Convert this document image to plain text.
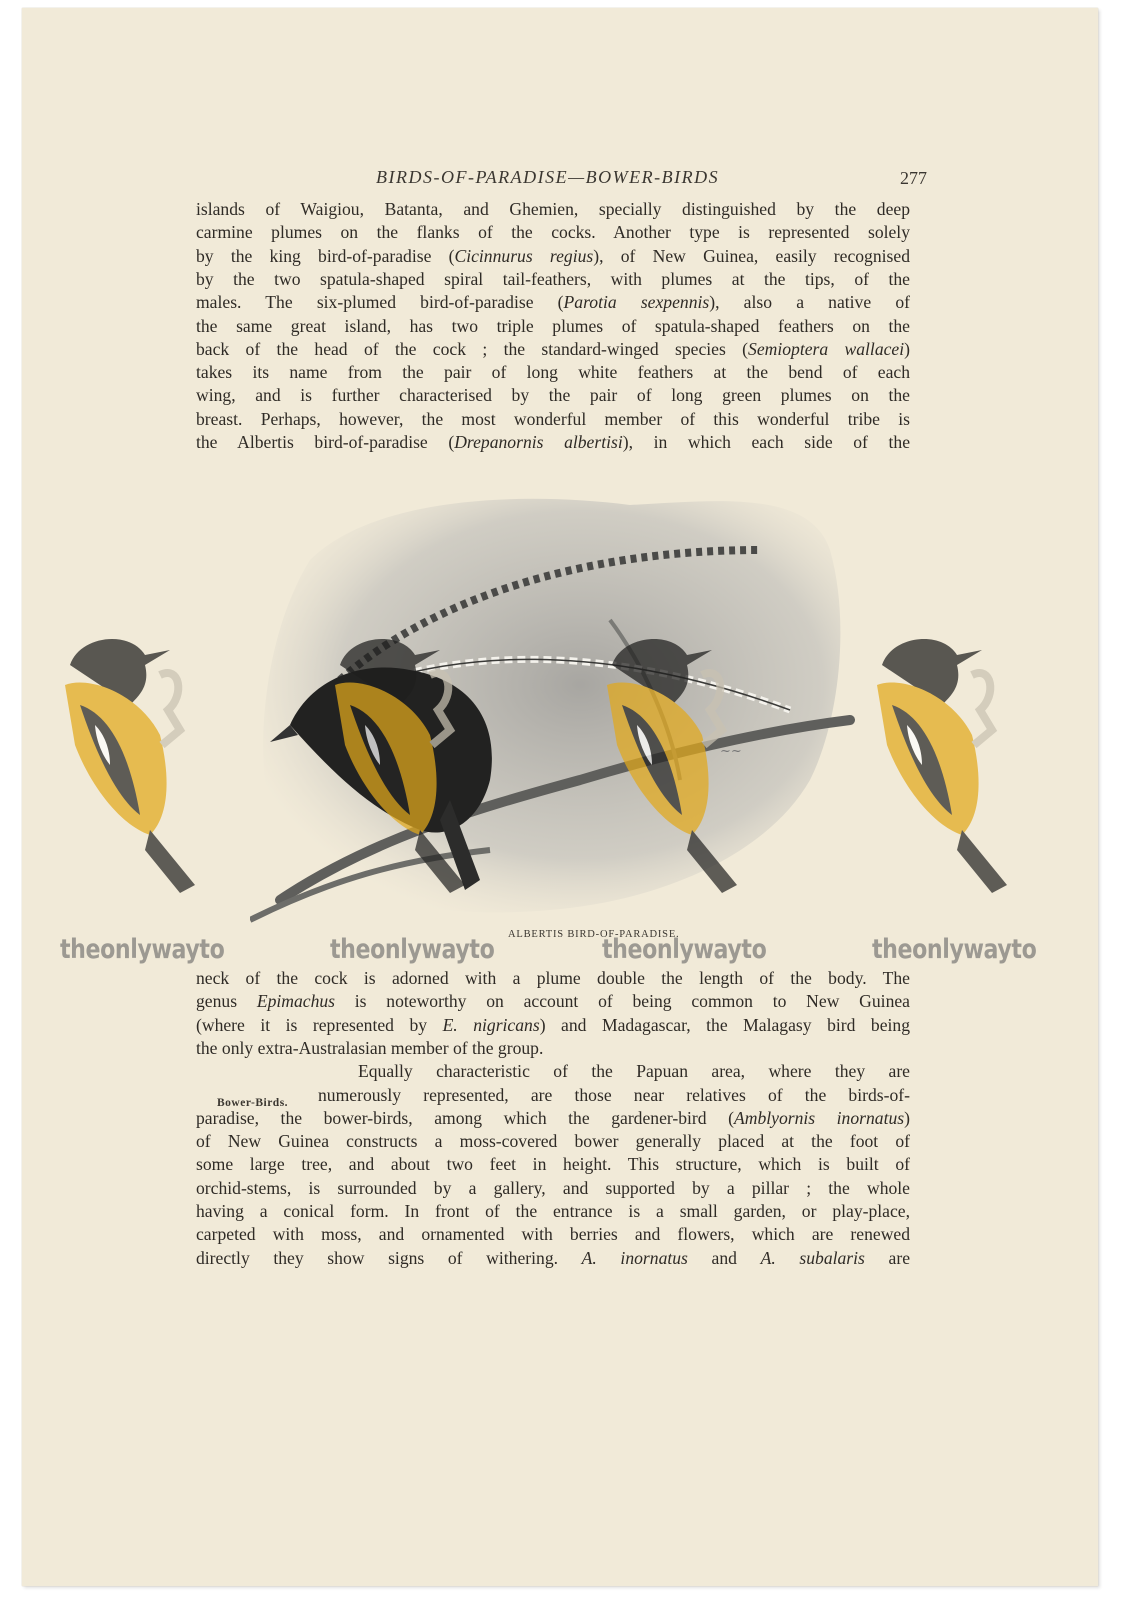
BIRDS-OF-PARADISE—BOWER-BIRDS	277
islands of Waigiou, Batanta, and Ghemien, specially distinguished by the deep
carmine plumes on the flanks of the cocks. Another type is represented solely
by the king bird-of-paradise (Cicinnurus regius), of New Guinea, easily recognised
by the two spatula-shaped spiral tail-feathers, with plumes at the tips, of the
males. The six-plumed bird-of-paradise (Parotia sexpennis), also a native of
the same great island, has two triple plumes of spatula-shaped feathers on the
back of the head of the cock ; the standard-winged species (Semioptera wallacei)
takes its name from the pair of long white feathers at the bend of each
wing, and is further characterised by the pair of long green plumes on the
breast. Perhaps, however, the most wonderful member of this wonderful tribe is
the Albertis bird-of-paradise (Drepanornis albertisi), in which each side of the
~~
ALBERTIS BIRD-OF-PARADISE.
theonlywayto	theonlywayto	theonlywayto	theonlywayto
neck of the cock is adorned with a plume double the length of the body. The
genus Epimachus is noteworthy on account of being common to New Guinea
(where it is represented by E. nigricans) and Madagascar, the Malagasy bird being
the only extra-Australasian member of the group.
Equally characteristic of the Papuan area, where they are
numerously represented, are those near relatives of the birds-of-
paradise, the bower-birds, among which the gardener-bird (Amblyornis inornatus)
of New Guinea constructs a moss-covered bower generally placed at the foot of
some large tree, and about two feet in height. This structure, which is built of
orchid-stems, is surrounded by a gallery, and supported by a pillar ; the whole
having a conical form. In front of the entrance is a small garden, or play-place,
carpeted with moss, and ornamented with berries and flowers, which are renewed
directly they show signs of withering. A. inornatus and A. subalaris are
Bower-Birds.
